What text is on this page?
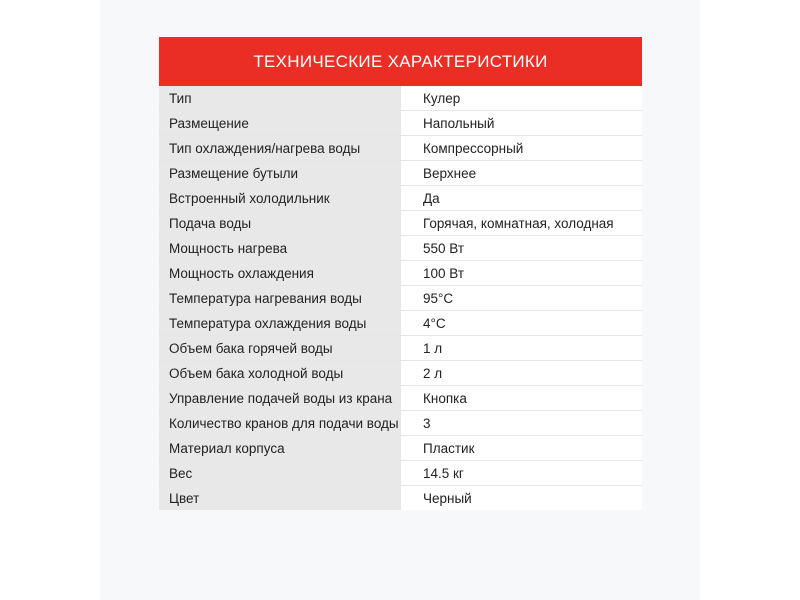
ТЕХНИЧЕСКИЕ ХАРАКТЕРИСТИКИ
Тип	Кулер
Размещение	Напольный
Тип охлаждения/нагрева воды	Компрессорный
Размещение бутыли	Верхнее
Встроенный холодильник	Да
Подача воды	Горячая, комнатная, холодная
Мощность нагрева	550 Вт
Мощность охлаждения	100 Вт
Температура нагревания воды	95°C
Температура охлаждения воды	4°C
Объем бака горячей воды	1 л
Объем бака холодной воды	2 л
Управление подачей воды из крана	Кнопка
Количество кранов для подачи воды	3
Материал корпуса	Пластик
Вес	14.5 кг
Цвет	Черный
